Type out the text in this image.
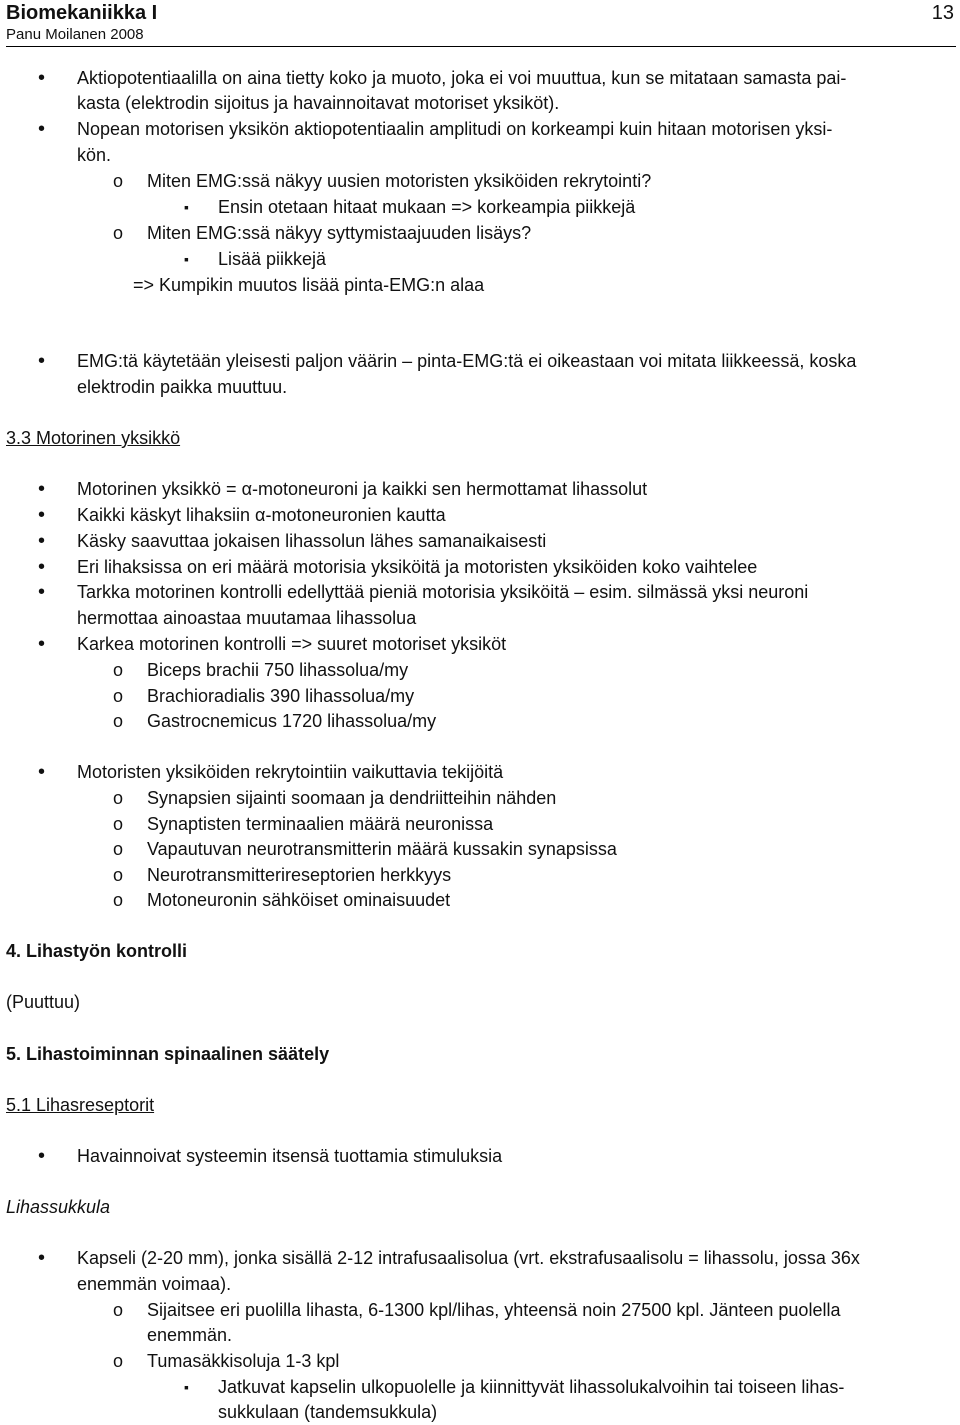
Biomekaniikka I	13
Panu Moilanen 2008
• Aktiopotentiaalilla on aina tietty koko ja muoto, joka ei voi muuttua, kun se mitataan samasta pai-
kasta (elektrodin sijoitus ja havainnoitavat motoriset yksiköt).
• Nopean motorisen yksikön aktiopotentiaalin amplitudi on korkeampi kuin hitaan motorisen yksi-
kön.
o Miten EMG:ssä näkyy uusien motoristen yksiköiden rekrytointi?
▪ Ensin otetaan hitaat mukaan => korkeampia piikkejä
o Miten EMG:ssä näkyy syttymistaajuuden lisäys?
▪ Lisää piikkejä
=> Kumpikin muutos lisää pinta-EMG:n alaa
• EMG:tä käytetään yleisesti paljon väärin – pinta-EMG:tä ei oikeastaan voi mitata liikkeessä, koska
elektrodin paikka muuttuu.
3.3 Motorinen yksikkö
• Motorinen yksikkö = α-motoneuroni ja kaikki sen hermottamat lihassolut
• Kaikki käskyt lihaksiin α-motoneuronien kautta
• Käsky saavuttaa jokaisen lihassolun lähes samanaikaisesti
• Eri lihaksissa on eri määrä motorisia yksiköitä ja motoristen yksiköiden koko vaihtelee
• Tarkka motorinen kontrolli edellyttää pieniä motorisia yksiköitä – esim. silmässä yksi neuroni
hermottaa ainoastaa muutamaa lihassolua
• Karkea motorinen kontrolli => suuret motoriset yksiköt
o Biceps brachii 750 lihassolua/my
o Brachioradialis 390 lihassolua/my
o Gastrocnemicus 1720 lihassolua/my
• Motoristen yksiköiden rekrytointiin vaikuttavia tekijöitä
o Synapsien sijainti soomaan ja dendriitteihin nähden
o Synaptisten terminaalien määrä neuronissa
o Vapautuvan neurotransmitterin määrä kussakin synapsissa
o Neurotransmitterireseptorien herkkyys
o Motoneuronin sähköiset ominaisuudet
4. Lihastyön kontrolli
(Puuttuu)
5. Lihastoiminnan spinaalinen säätely
5.1 Lihasreseptorit
• Havainnoivat systeemin itsensä tuottamia stimuluksia
Lihassukkula
• Kapseli (2-20 mm), jonka sisällä 2-12 intrafusaalisolua (vrt. ekstrafusaalisolu = lihassolu, jossa 36x
enemmän voimaa).
o Sijaitsee eri puolilla lihasta, 6-1300 kpl/lihas, yhteensä noin 27500 kpl. Jänteen puolella
enemmän.
o Tumasäkkisoluja 1-3 kpl
▪ Jatkuvat kapselin ulkopuolelle ja kiinnittyvät lihassolukalvoihin tai toiseen lihas-
sukkulaan (tandemsukkula)
